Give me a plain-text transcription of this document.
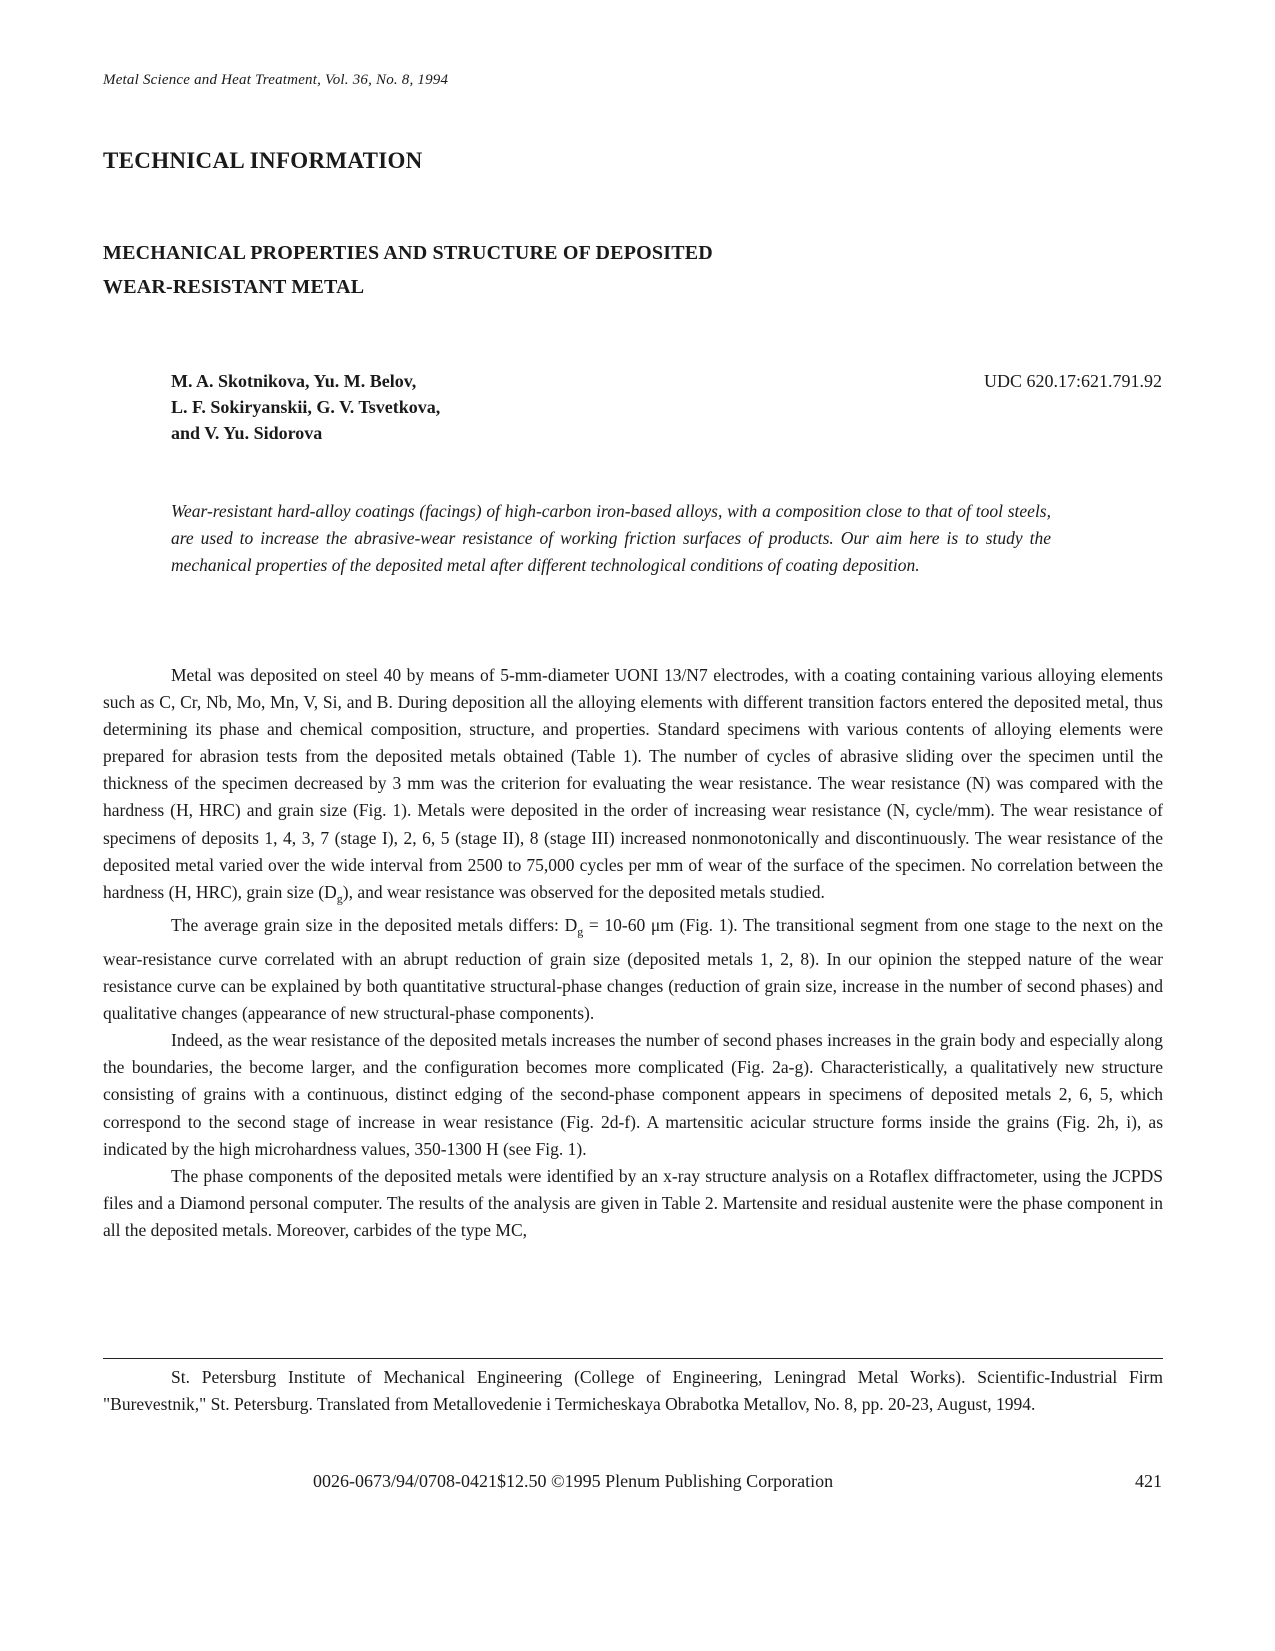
Metal Science and Heat Treatment, Vol. 36, No. 8, 1994
TECHNICAL INFORMATION
MECHANICAL PROPERTIES AND STRUCTURE OF DEPOSITED
WEAR-RESISTANT METAL
M. A. Skotnikova, Yu. M. Belov,
L. F. Sokiryanskii, G. V. Tsvetkova,
and V. Yu. Sidorova
UDC 620.17:621.791.92
Wear-resistant hard-alloy coatings (facings) of high-carbon iron-based alloys, with a composition close to that of tool steels, are used to increase the abrasive-wear resistance of working friction surfaces of products. Our aim here is to study the mechanical properties of the deposited metal after different technological conditions of coating deposition.

Metal was deposited on steel 40 by means of 5-mm-diameter UONI 13/N7 electrodes, with a coating containing various alloying elements such as C, Cr, Nb, Mo, Mn, V, Si, and B. During deposition all the alloying elements with different transition factors entered the deposited metal, thus determining its phase and chemical composition, structure, and properties. Standard specimens with various contents of alloying elements were prepared for abrasion tests from the deposited metals obtained (Table 1). The number of cycles of abrasive sliding over the specimen until the thickness of the specimen decreased by 3 mm was the criterion for evaluating the wear resistance. The wear resistance (N) was compared with the hardness (H, HRC) and grain size (Fig. 1). Metals were deposited in the order of increasing wear resistance (N, cycle/mm). The wear resistance of specimens of deposits 1, 4, 3, 7 (stage I), 2, 6, 5 (stage II), 8 (stage III) increased nonmonotonically and discontinuously. The wear resistance of the deposited metal varied over the wide interval from 2500 to 75,000 cycles per mm of wear of the surface of the specimen. No correlation between the hardness (H, HRC), grain size $(D_g)$, and wear resistance was observed for the deposited metals studied.

The average grain size in the deposited metals differs: $D_g = 10-60$ μm (Fig. 1). The transitional segment from one stage to the next on the wear-resistance curve correlated with an abrupt reduction of grain size (deposited metals 1, 2, 8). In our opinion the stepped nature of the wear resistance curve can be explained by both quantitative structural-phase changes (reduction of grain size, increase in the number of second phases) and qualitative changes (appearance of new structural-phase components).

Indeed, as the wear resistance of the deposited metals increases the number of second phases increases in the grain body and especially along the boundaries, the become larger, and the configuration becomes more complicated (Fig. 2a-g). Characteristically, a qualitatively new structure consisting of grains with a continuous, distinct edging of the second-phase component appears in specimens of deposited metals 2, 6, 5, which correspond to the second stage of increase in wear resistance (Fig. 2d-f). A martensitic acicular structure forms inside the grains (Fig. 2h, i), as indicated by the high microhardness values, 350-1300 H (see Fig. 1).

The phase components of the deposited metals were identified by an x-ray structure analysis on a Rotaflex diffractometer, using the JCPDS files and a Diamond personal computer. The results of the analysis are given in Table 2. Martensite and residual austenite were the phase component in all the deposited metals. Moreover, carbides of the type MC,

St. Petersburg Institute of Mechanical Engineering (College of Engineering, Leningrad Metal Works). Scientific-Industrial Firm "Burevestnik," St. Petersburg. Translated from Metallovedenie i Termicheskaya Obrabotka Metallov, No. 8, pp. 20-23, August, 1994.

0026-0673/94/0708-0421$12.50 ©1995 Plenum Publishing Corporation	421
